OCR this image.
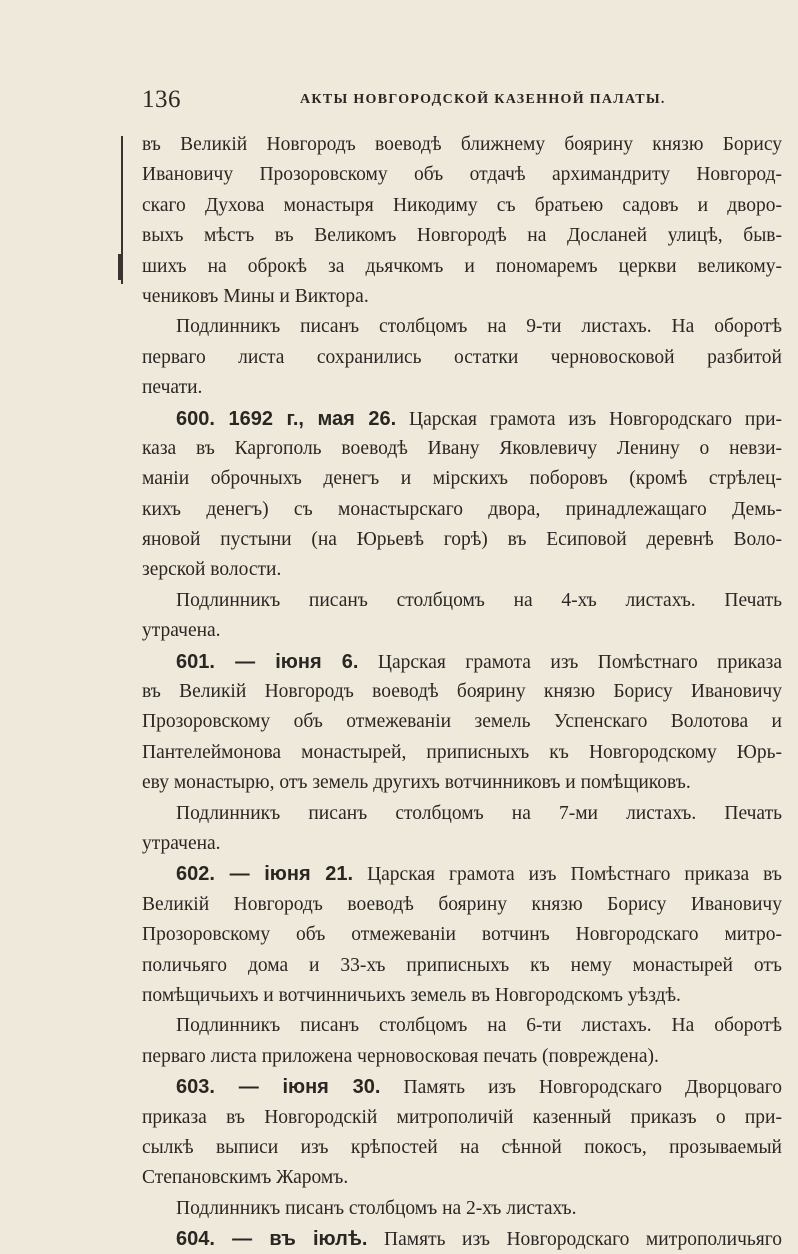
136	АКТЫ НОВГОРОДСКОЙ КАЗЕННОЙ ПАЛАТЫ.
въ Великій Новгородъ воеводѣ ближнему боярину князю Борису
Ивановичу Прозоровскому объ отдачѣ архимандриту Новгород-
скаго Духова монастыря Никодиму съ братьею садовъ и дворо-
выхъ мѣстъ въ Великомъ Новгородѣ на Досланей улицѣ, быв-
шихъ на оброкѣ за дьячкомъ и пономаремъ церкви великому-
чениковъ Мины и Виктора.
Подлинникъ писанъ столбцомъ на 9-ти листахъ. На оборотѣ
перваго листа сохранились остатки черновосковой разбитой
печати.
600. 1692 г., мая 26. Царская грамота изъ Новгородскаго при-
каза въ Каргополь воеводѣ Ивану Яковлевичу Ленину о невзи-
маніи оброчныхъ денегъ и мірскихъ поборовъ (кромѣ стрѣлец-
кихъ денегъ) съ монастырскаго двора, принадлежащаго Демь-
яновой пустыни (на Юрьевѣ горѣ) въ Есиповой деревнѣ Воло-
зерской волости.
Подлинникъ писанъ столбцомъ на 4-хъ листахъ. Печать
утрачена.
601. — іюня 6. Царская грамота изъ Помѣстнаго приказа
въ Великій Новгородъ воеводѣ боярину князю Борису Ивановичу
Прозоровскому объ отмежеваніи земель Успенскаго Волотова и
Пантелеймонова монастырей, приписныхъ къ Новгородскому Юрь-
еву монастырю, отъ земель другихъ вотчинниковъ и помѣщиковъ.
Подлинникъ писанъ столбцомъ на 7-ми листахъ. Печать
утрачена.
602. — іюня 21. Царская грамота изъ Помѣстнаго приказа въ
Великій Новгородъ воеводѣ боярину князю Борису Ивановичу
Прозоровскому объ отмежеваніи вотчинъ Новгородскаго митро-
поличьяго дома и 33-хъ приписныхъ къ нему монастырей отъ
помѣщичьихъ и вотчинничьихъ земель въ Новгородскомъ уѣздѣ.
Подлинникъ писанъ столбцомъ на 6-ти листахъ. На оборотѣ
перваго листа приложена черновосковая печать (повреждена).
603. — іюня 30. Память изъ Новгородскаго Дворцоваго
приказа въ Новгородскій митрополичій казенный приказъ о при-
сылкѣ выписи изъ крѣпостей на сѣнной покосъ, прозываемый
Степановскимъ Жаромъ.
Подлинникъ писанъ столбцомъ на 2-хъ листахъ.
604. — въ іюлѣ. Память изъ Новгородскаго митрополичьяго
